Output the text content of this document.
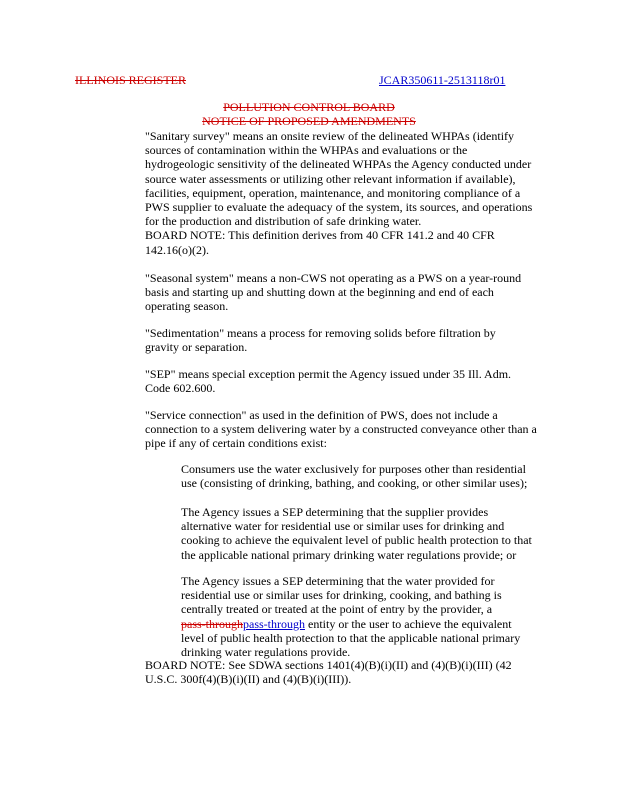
ILLINOIS REGISTER	JCAR350611-2513118r01
POLLUTION CONTROL BOARD
NOTICE OF PROPOSED AMENDMENTS

"Sanitary survey" means an onsite review of the delineated WHPAs (identify

sources of contamination within the WHPAs and evaluations or the

hydrogeologic sensitivity of the delineated WHPAs the Agency conducted under

source water assessments or utilizing other relevant information if available),

facilities, equipment, operation, maintenance, and monitoring compliance of a

PWS supplier to evaluate the adequacy of the system, its sources, and operations

for the production and distribution of safe drinking water.

BOARD NOTE: This definition derives from 40 CFR 141.2 and 40 CFR

142.16(o)(2).

"Seasonal system" means a non-CWS not operating as a PWS on a year-round

basis and starting up and shutting down at the beginning and end of each

operating season.

"Sedimentation" means a process for removing solids before filtration by

gravity or separation.

"SEP" means special exception permit the Agency issued under 35 Ill. Adm.

Code 602.600.

"Service connection" as used in the definition of PWS, does not include a

connection to a system delivering water by a constructed conveyance other than a

pipe if any of certain conditions exist:

Consumers use the water exclusively for purposes other than residential

use (consisting of drinking, bathing, and cooking, or other similar uses);

The Agency issues a SEP determining that the supplier provides

alternative water for residential use or similar uses for drinking and

cooking to achieve the equivalent level of public health protection to that

the applicable national primary drinking water regulations provide; or

The Agency issues a SEP determining that the water provided for

residential use or similar uses for drinking, cooking, and bathing is

centrally treated or treated at the point of entry by the provider, a

pass-throughpass-through entity or the user to achieve the equivalent

level of public health protection to that the applicable national primary

drinking water regulations provide.

BOARD NOTE: See SDWA sections 1401(4)(B)(i)(II) and (4)(B)(i)(III) (42

U.S.C. 300f(4)(B)(i)(II) and (4)(B)(i)(III)).
